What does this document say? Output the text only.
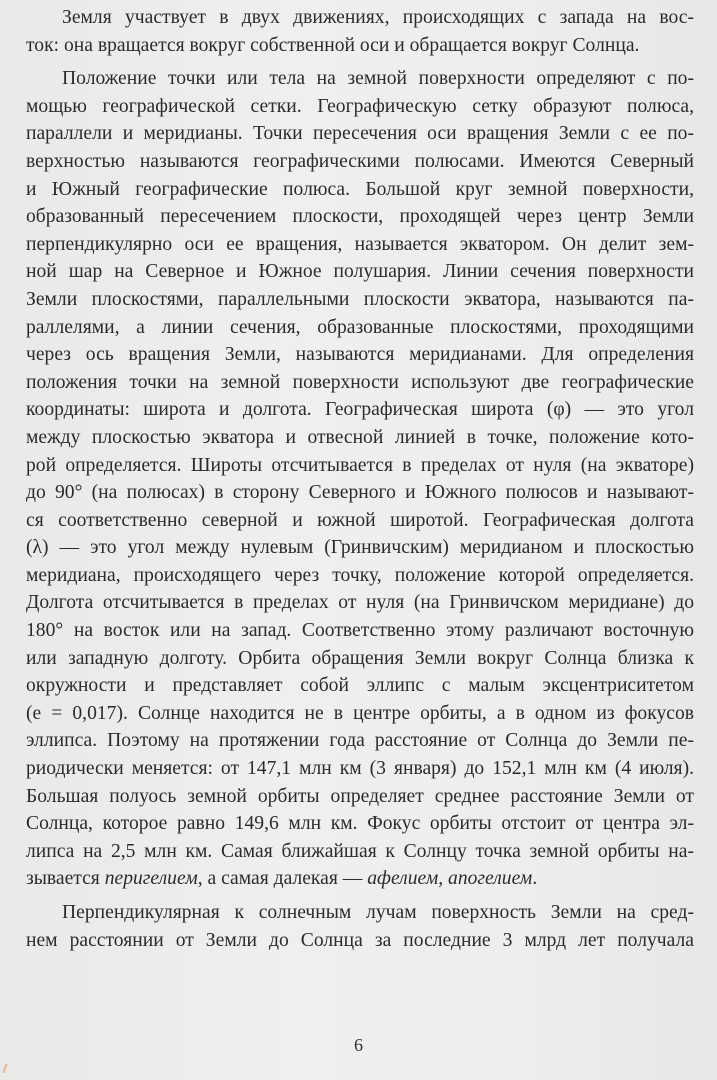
Земля участвует в двух движениях, происходящих с запада на вос-
ток: она вращается вокруг собственной оси и обращается вокруг Солнца.
Положение точки или тела на земной поверхности определяют с по-
мощью географической сетки. Географическую сетку образуют полюса,
параллели и меридианы. Точки пересечения оси вращения Земли с ее по-
верхностью называются географическими полюсами. Имеются Северный
и Южный географические полюса. Большой круг земной поверхности,
образованный пересечением плоскости, проходящей через центр Земли
перпендикулярно оси ее вращения, называется экватором. Он делит зем-
ной шар на Северное и Южное полушария. Линии сечения поверхности
Земли плоскостями, параллельными плоскости экватора, называются па-
раллелями, а линии сечения, образованные плоскостями, проходящими
через ось вращения Земли, называются меридианами. Для определения
положения точки на земной поверхности используют две географические
координаты: широта и долгота. Географическая широта (φ) — это угол
между плоскостью экватора и отвесной линией в точке, положение кото-
рой определяется. Широты отсчитывается в пределах от нуля (на экваторе)
до 90° (на полюсах) в сторону Северного и Южного полюсов и называют-
ся соответственно северной и южной широтой. Географическая долгота
(λ) — это угол между нулевым (Гринвичским) меридианом и плоскостью
меридиана, происходящего через точку, положение которой определяется.
Долгота отсчитывается в пределах от нуля (на Гринвичском меридиане) до
180° на восток или на запад. Соответственно этому различают восточную
или западную долготу. Орбита обращения Земли вокруг Солнца близка к
окружности и представляет собой эллипс с малым эксцентриситетом
(е = 0,017). Солнце находится не в центре орбиты, а в одном из фокусов
эллипса. Поэтому на протяжении года расстояние от Солнца до Земли пе-
риодически меняется: от 147,1 млн км (3 января) до 152,1 млн км (4 июля).
Большая полуось земной орбиты определяет среднее расстояние Земли от
Солнца, которое равно 149,6 млн км. Фокус орбиты отстоит от центра эл-
липса на 2,5 млн км. Самая ближайшая к Солнцу точка земной орбиты на-
зывается перигелием, а самая далекая — афелием, апогелием.
Перпендикулярная к солнечным лучам поверхность Земли на сред-
нем расстоянии от Земли до Солнца за последние 3 млрд лет получала
6
